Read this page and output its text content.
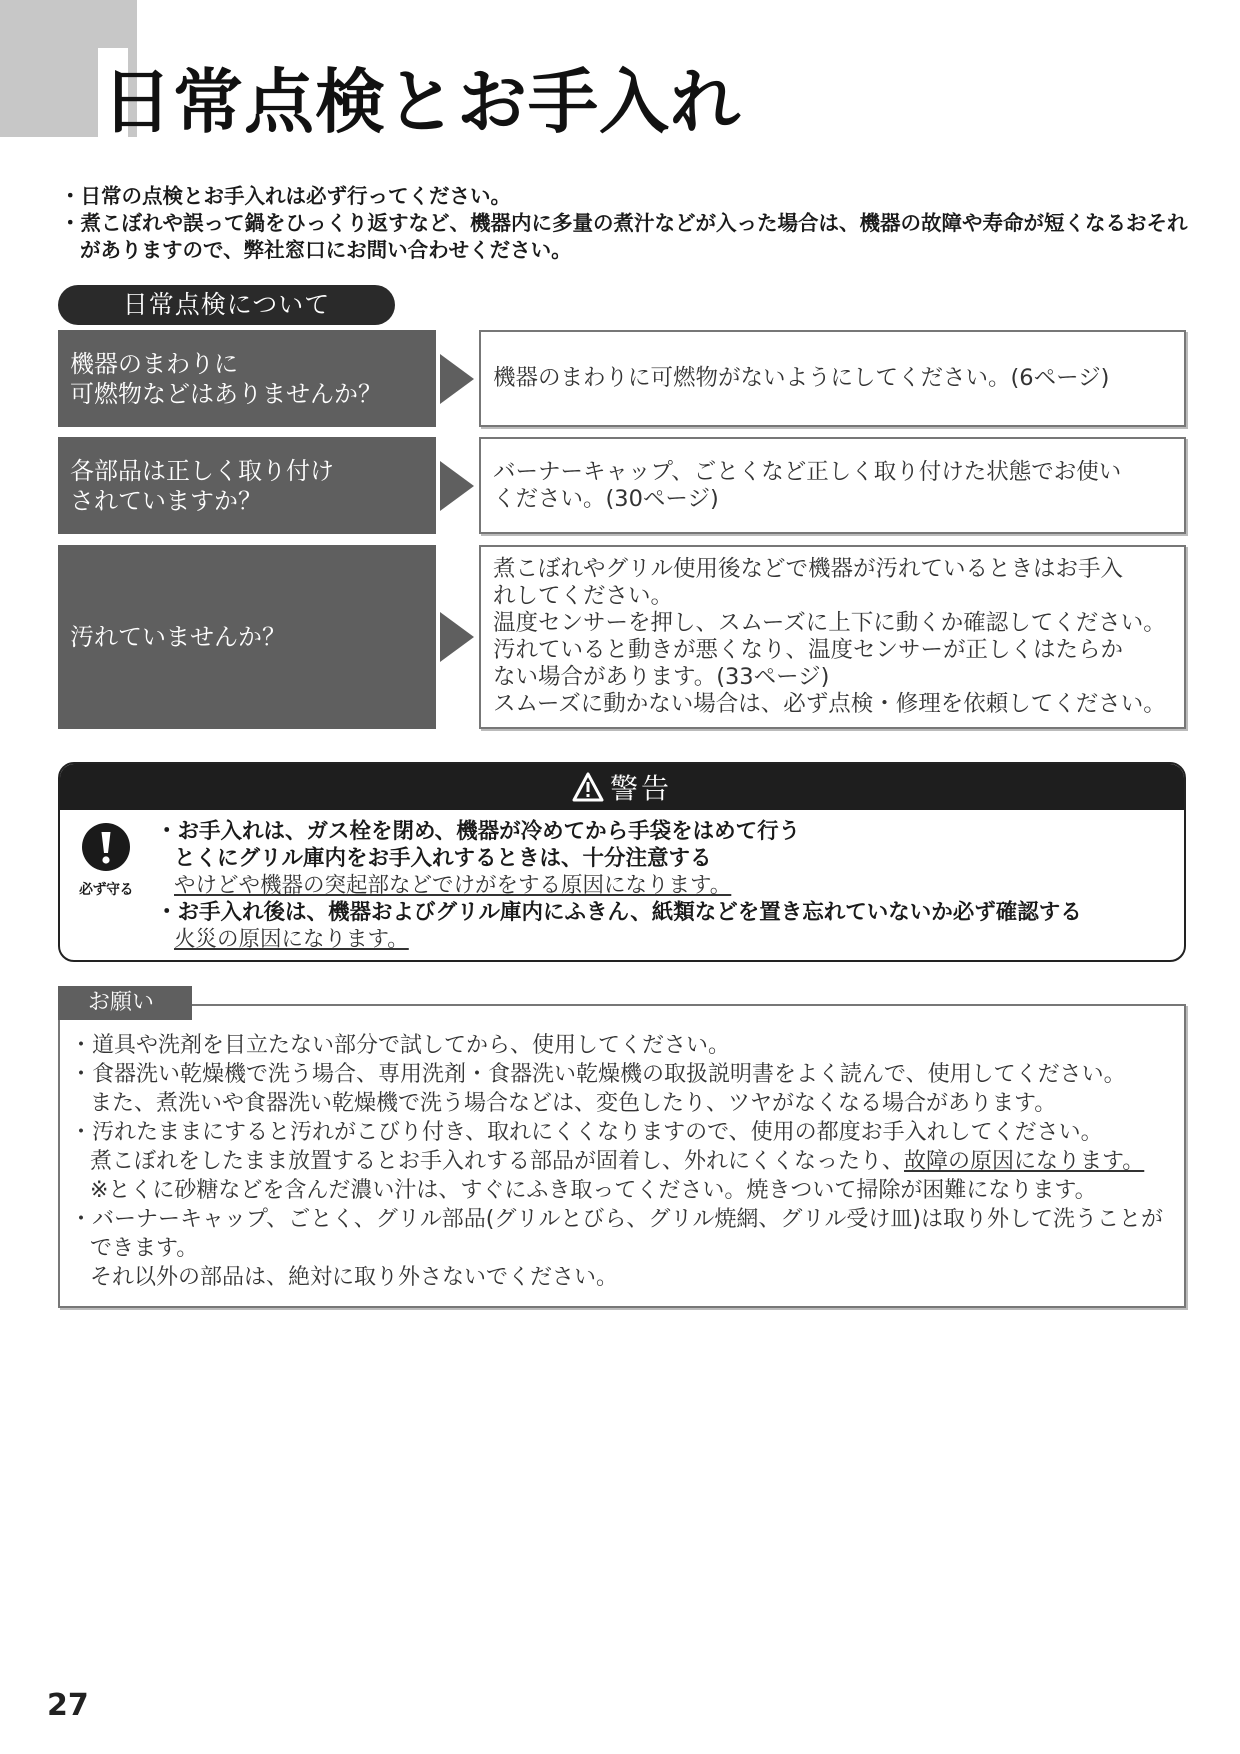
日常点検とお手入れ
・日常の点検とお手入れは必ず行ってください。
・煮こぼれや誤って鍋をひっくり返すなど、機器内に多量の煮汁などが入った場合は、機器の故障や寿命が短くなるおそれがありますので、弊社窓口にお問い合わせください。
日常点検について
機器のまわりに
可燃物などはありませんか？
機器のまわりに可燃物がないようにしてください。(6ページ)
各部品は正しく取り付け
されていますか？
バーナーキャップ、ごとくなど正しく取り付けた状態でお使い
ください。(30ページ)
汚れていませんか？
煮こぼれやグリル使用後などで機器が汚れているときはお手入
れしてください。
温度センサーを押し、スムーズに上下に動くか確認してください。
汚れていると動きが悪くなり、温度センサーが正しくはたらか
ない場合があります。(33ページ)
スムーズに動かない場合は、必ず点検・修理を依頼してください。
警告
必ず守る
・お手入れは、ガス栓を閉め、機器が冷めてから手袋をはめて行う
とくにグリル庫内をお手入れするときは、十分注意する
やけどや機器の突起部などでけがをする原因になります。
・お手入れ後は、機器およびグリル庫内にふきん、紙類などを置き忘れていないか必ず確認する
火災の原因になります。
・道具や洗剤を目立たない部分で試してから、使用してください。
・食器洗い乾燥機で洗う場合、専用洗剤・食器洗い乾燥機の取扱説明書をよく読んで、使用してください。
また、煮洗いや食器洗い乾燥機で洗う場合などは、変色したり、ツヤがなくなる場合があります。
・汚れたままにすると汚れがこびり付き、取れにくくなりますので、使用の都度お手入れしてください。
煮こぼれをしたまま放置するとお手入れする部品が固着し、外れにくくなったり、故障の原因になります。
※とくに砂糖などを含んだ濃い汁は、すぐにふき取ってください。焼きついて掃除が困難になります。
・バーナーキャップ、ごとく、グリル部品(グリルとびら、グリル焼網、グリル受け皿)は取り外して洗うことができます。
それ以外の部品は、絶対に取り外さないでください。
お願い
27
